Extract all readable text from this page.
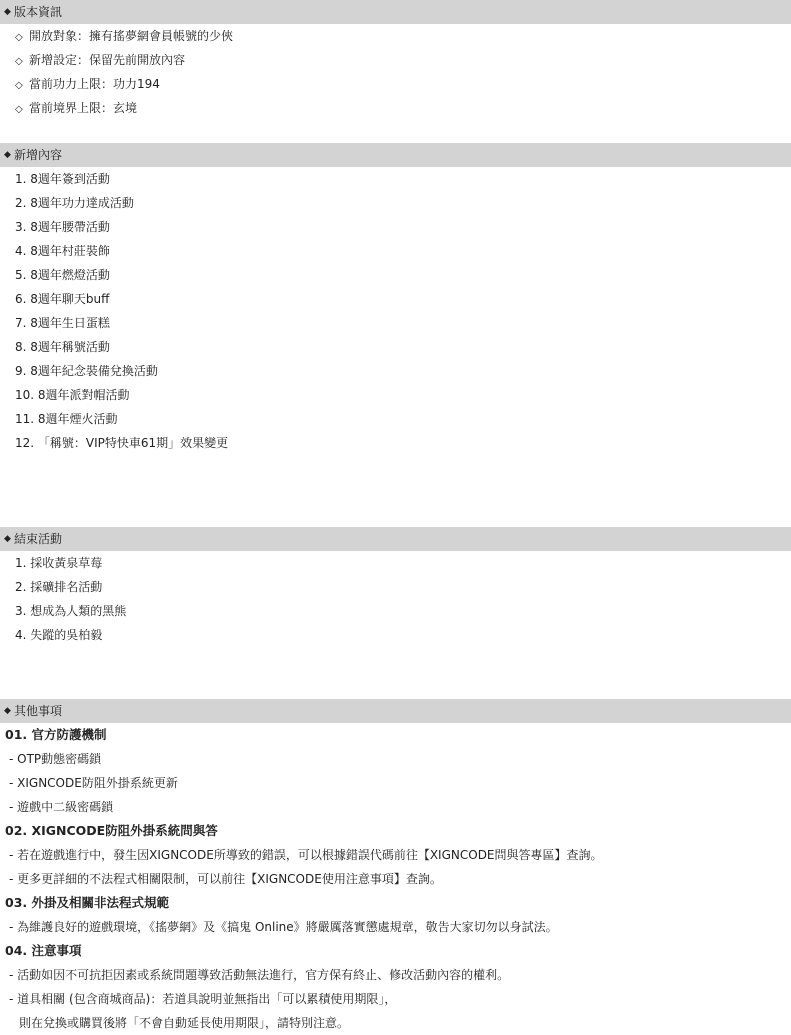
◆ 版本資訊
◇ 開放對象：擁有搖夢網會員帳號的少俠
◇ 新增設定：保留先前開放內容
◇ 當前功力上限：功力194
◇ 當前境界上限：玄境
◆ 新增內容
1. 8週年簽到活動
2. 8週年功力達成活動
3. 8週年腰帶活動
4. 8週年村莊裝飾
5. 8週年燃燈活動
6. 8週年聊天buff
7. 8週年生日蛋糕
8. 8週年稱號活動
9. 8週年紀念裝備兌換活動
10. 8週年派對帽活動
11. 8週年煙火活動
12. 「稱號：VIP特快車61期」效果變更
◆ 結束活動
1. 採收黃泉草莓
2. 採礦排名活動
3. 想成為人類的黑熊
4. 失蹤的吳柏毅
◆ 其他事項
01. 官方防護機制
- OTP動態密碼鎖
- XIGNCODE防阻外掛系統更新
- 遊戲中二級密碼鎖
02. XIGNCODE防阻外掛系統問與答
- 若在遊戲進行中，發生因XIGNCODE所導致的錯誤，可以根據錯誤代碼前往【XIGNCODE問與答專區】查詢。
- 更多更詳細的不法程式相關限制，可以前往【XIGNCODE使用注意事項】查詢。
03. 外掛及相關非法程式規範
- 為維護良好的遊戲環境，《搖夢網》及《搞鬼 Online》將嚴厲落實懲處規章，敬告大家切勿以身試法。
04. 注意事項
- 活動如因不可抗拒因素或系統問題導致活動無法進行，官方保有終止、修改活動內容的權利。
- 道具相關 (包含商城商品)：若道具說明並無指出「可以累積使用期限」，
則在兌換或購買後將「不會自動延長使用期限」，請特別注意。
